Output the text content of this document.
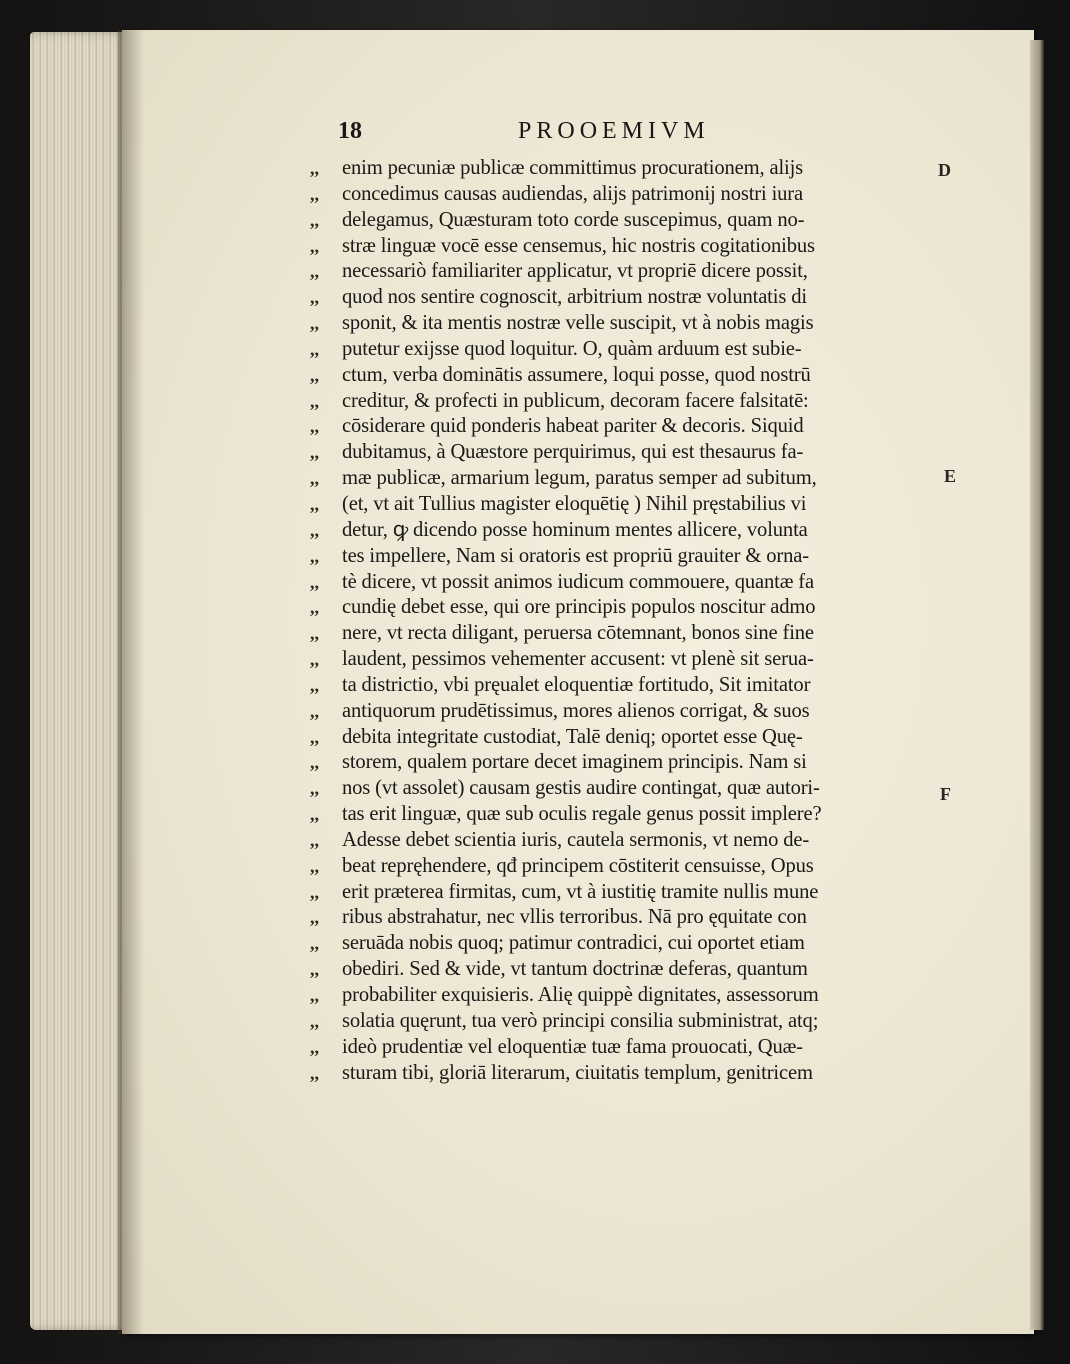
18	PROOEMIVM
,,	enim pecuniæ publicæ committimus procurationem, alijs
,,	concedimus causas audiendas, alijs patrimonij nostri iura
,,	delegamus, Quæsturam toto corde suscepimus, quam no-
,,	stræ linguæ vocē esse censemus, hic nostris cogitationibus
,,	necessariò familiariter applicatur, vt propriē dicere possit,
,,	quod nos sentire cognoscit, arbitrium nostræ voluntatis di
,,	sponit, & ita mentis nostræ velle suscipit, vt à nobis magis
,,	putetur exijsse quod loquitur. O, quàm arduum est subie-
,,	ctum, verba dominātis assumere, loqui posse, quod nostrū
,,	creditur, & profecti in publicum, decoram facere falsitatē:
,,	cōsiderare quid ponderis habeat pariter & decoris. Siquid
,,	dubitamus, à Quæstore perquirimus, qui est thesaurus fa-
,,	mæ publicæ, armarium legum, paratus semper ad subitum,
,,	(et, vt ait Tullius magister eloquētię ) Nihil pręstabilius vi
,,	detur, ꝙ dicendo posse hominum mentes allicere, volunta
,,	tes impellere, Nam si oratoris est propriū grauiter & orna-
,,	tè dicere, vt possit animos iudicum commouere, quantæ fa
,,	cundię debet esse, qui ore principis populos noscitur admo
,,	nere, vt recta diligant, peruersa cōtemnant, bonos sine fine
,,	laudent, pessimos vehementer accusent: vt plenè sit serua-
,,	ta districtio, vbi pręualet eloquentiæ fortitudo, Sit imitator
,,	antiquorum prudētissimus, mores alienos corrigat, & suos
,,	debita integritate custodiat, Talē deniq; oportet esse Quę-
,,	storem, qualem portare decet imaginem principis. Nam si
,,	nos (vt assolet) causam gestis audire contingat, quæ autori-
,,	tas erit linguæ, quæ sub oculis regale genus possit implere?
,,	Adesse debet scientia iuris, cautela sermonis, vt nemo de-
,,	beat repręhendere, qđ principem cōstiterit censuisse, Opus
,,	erit præterea firmitas, cum, vt à iustitię tramite nullis mune
,,	ribus abstrahatur, nec vllis terroribus. Nā pro ęquitate con
,,	seruāda nobis quoq; patimur contradici, cui oportet etiam
,,	obediri. Sed & vide, vt tantum doctrinæ deferas, quantum
,,	probabiliter exquisieris. Alię quippè dignitates, assessorum
,,	solatia quęrunt, tua verò principi consilia subministrat, atq;
,,	ideò prudentiæ vel eloquentiæ tuæ fama prouocati, Quæ-
,,	sturam tibi, gloriā literarum, ciuitatis templum, genitricem
D
E
F
